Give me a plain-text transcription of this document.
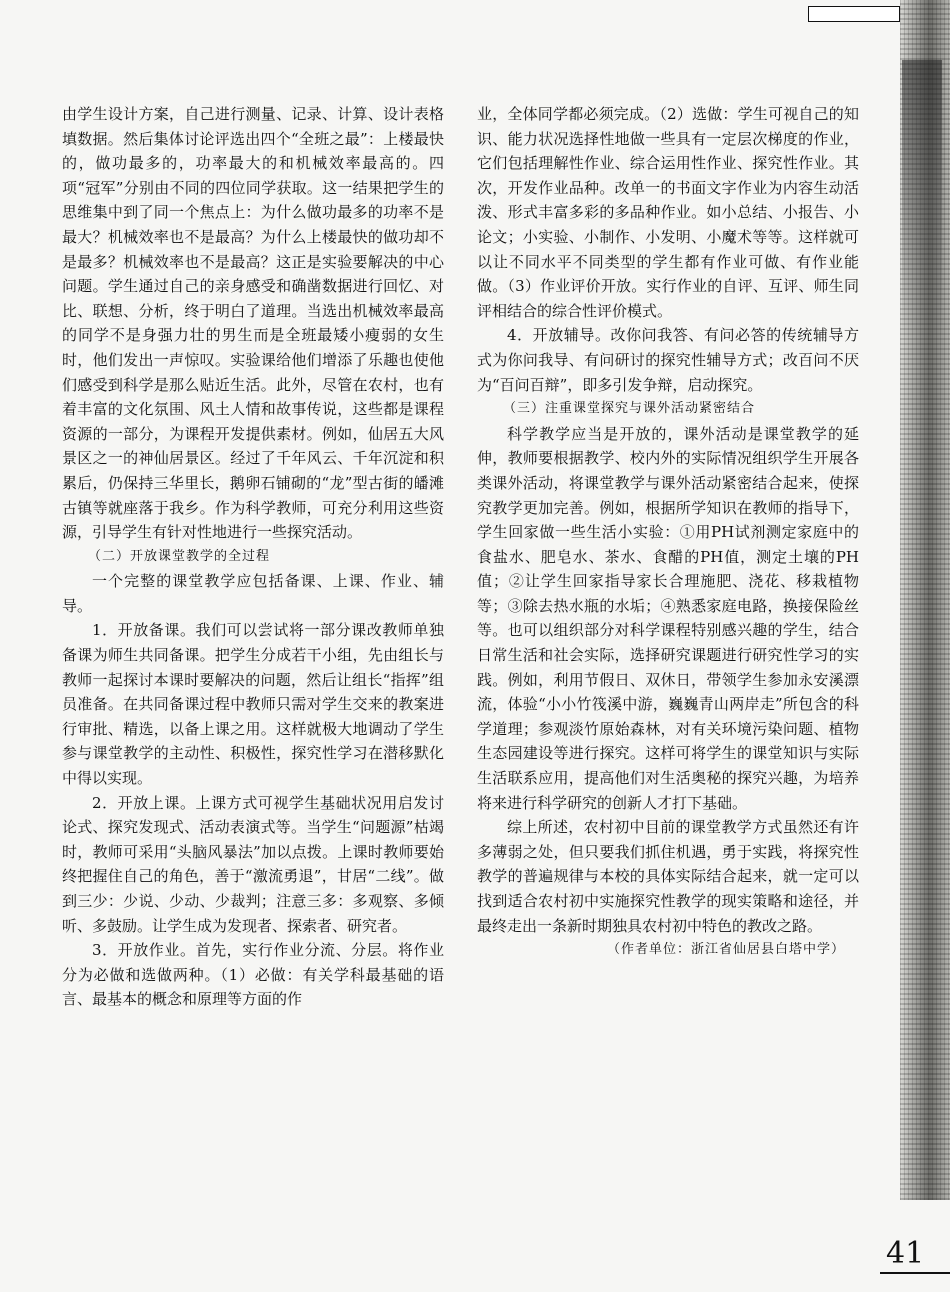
由学生设计方案，自己进行测量、记录、计算、设计表格填数据。然后集体讨论评选出四个“全班之最”：上楼最快的，做功最多的，功率最大的和机械效率最高的。四项“冠军”分别由不同的四位同学获取。这一结果把学生的思维集中到了同一个焦点上：为什么做功最多的功率不是最大？机械效率也不是最高？为什么上楼最快的做功却不是最多？机械效率也不是最高？这正是实验要解决的中心问题。学生通过自己的亲身感受和确凿数据进行回忆、对比、联想、分析，终于明白了道理。当选出机械效率最高的同学不是身强力壮的男生而是全班最矮小瘦弱的女生时，他们发出一声惊叹。实验课给他们增添了乐趣也使他们感受到科学是那么贴近生活。此外，尽管在农村，也有着丰富的文化氛围、风土人情和故事传说，这些都是课程资源的一部分，为课程开发提供素材。例如，仙居五大风景区之一的神仙居景区。经过了千年风云、千年沉淀和积累后，仍保持三华里长，鹅卵石铺砌的“龙”型古街的皤滩古镇等就座落于我乡。作为科学教师，可充分利用这些资源，引导学生有针对性地进行一些探究活动。

（二）开放课堂教学的全过程

一个完整的课堂教学应包括备课、上课、作业、辅导。

1．开放备课。我们可以尝试将一部分课改教师单独备课为师生共同备课。把学生分成若干小组，先由组长与教师一起探讨本课时要解决的问题，然后让组长“指挥”组员准备。在共同备课过程中教师只需对学生交来的教案进行审批、精选，以备上课之用。这样就极大地调动了学生参与课堂教学的主动性、积极性，探究性学习在潜移默化中得以实现。

2．开放上课。上课方式可视学生基础状况用启发讨论式、探究发现式、活动表演式等。当学生“问题源”枯竭时，教师可采用“头脑风暴法”加以点拨。上课时教师要始终把握住自己的角色，善于“激流勇退”，甘居“二线”。做到三少：少说、少动、少裁判；注意三多：多观察、多倾听、多鼓励。让学生成为发现者、探索者、研究者。

3．开放作业。首先，实行作业分流、分层。将作业分为必做和选做两种。（1）必做：有关学科最基础的语言、最基本的概念和原理等方面的作

业，全体同学都必须完成。（2）选做：学生可视自己的知识、能力状况选择性地做一些具有一定层次梯度的作业，它们包括理解性作业、综合运用性作业、探究性作业。其次，开发作业品种。改单一的书面文字作业为内容生动活泼、形式丰富多彩的多品种作业。如小总结、小报告、小论文；小实验、小制作、小发明、小魔术等等。这样就可以让不同水平不同类型的学生都有作业可做、有作业能做。（3）作业评价开放。实行作业的自评、互评、师生同评相结合的综合性评价模式。

4．开放辅导。改你问我答、有问必答的传统辅导方式为你问我导、有问研讨的探究性辅导方式；改百问不厌为“百问百辩”，即多引发争辩，启动探究。

（三）注重课堂探究与课外活动紧密结合

科学教学应当是开放的，课外活动是课堂教学的延伸，教师要根据教学、校内外的实际情况组织学生开展各类课外活动，将课堂教学与课外活动紧密结合起来，使探究教学更加完善。例如，根据所学知识在教师的指导下，学生回家做一些生活小实验：①用PH试剂测定家庭中的食盐水、肥皂水、茶水、食醋的PH值，测定土壤的PH值；②让学生回家指导家长合理施肥、浇花、移栽植物等；③除去热水瓶的水垢；④熟悉家庭电路，换接保险丝等。也可以组织部分对科学课程特别感兴趣的学生，结合日常生活和社会实际，选择研究课题进行研究性学习的实践。例如，利用节假日、双休日，带领学生参加永安溪漂流，体验“小小竹筏溪中游，巍巍青山两岸走”所包含的科学道理；参观淡竹原始森林，对有关环境污染问题、植物生态园建设等进行探究。这样可将学生的课堂知识与实际生活联系应用，提高他们对生活奥秘的探究兴趣，为培养将来进行科学研究的创新人才打下基础。

综上所述，农村初中目前的课堂教学方式虽然还有许多薄弱之处，但只要我们抓住机遇，勇于实践，将探究性教学的普遍规律与本校的具体实际结合起来，就一定可以找到适合农村初中实施探究性教学的现实策略和途径，并最终走出一条新时期独具农村初中特色的教改之路。

（作者单位：浙江省仙居县白塔中学）

41
